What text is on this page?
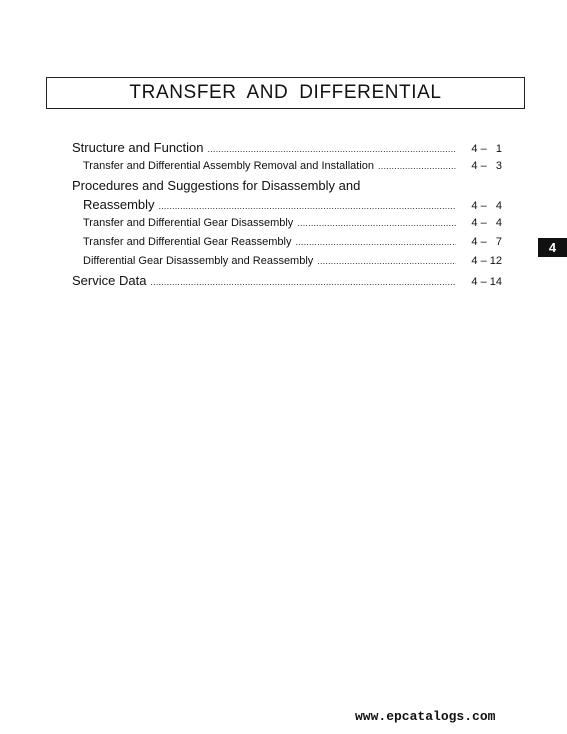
TRANSFER AND DIFFERENTIAL
Structure and Function .....	4 –   1
Transfer and Differential Assembly Removal and Installation .....	4 –   3
Procedures and Suggestions for Disassembly and
Reassembly .....	4 –   4
Transfer and Differential Gear Disassembly .....	4 –   4
Transfer and Differential Gear Reassembly .....	4 –   7
Differential Gear Disassembly and Reassembly .....	4 – 12
Service Data .....	4 – 14
4
www.epcatalogs.com
